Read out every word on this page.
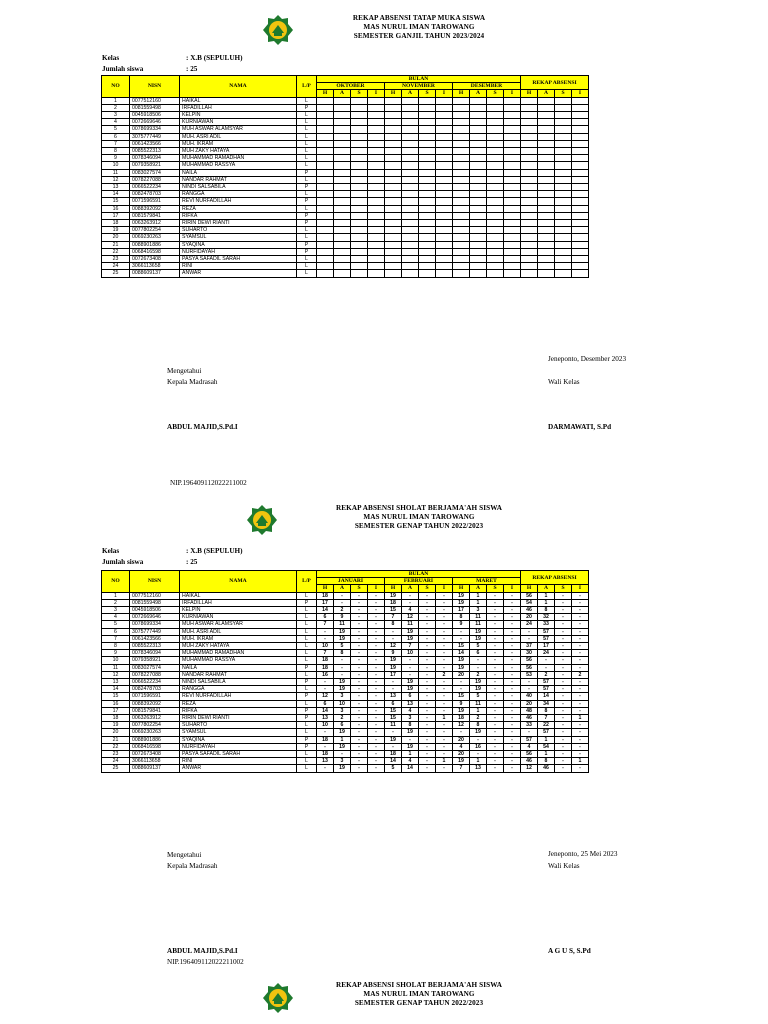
REKAP ABSENSI TATAP MUKA SISWA
MAS NURUL IMAN TAROWANG
SEMESTER GANJIL TAHUN 2023/2024
Kelas	: X.B (SEPULUH)
Jumlah siswa	: 25
NO	NISN	NAMA	L/P	BULAN												REKAP ABSENSI			
				OKTOBER				NOVEMBER				DESEMBER							
				H	A	S	I	H	A	S	I	H	A	S	I	H	A	S	I
1	0077512160	HAIKAL	L																
2	0081559498	IRFADILLAH	P																
3	0045918506	KELPIN	L																
4	0072669646	KURNIAWAN	L																
5	0078699334	MUH ASWAR ALAMSYAR	L																
6	3075777449	MUH. ASRI ADIL	L																
7	0061423566	MUH. IKRAM	L																
8	0085522313	MUH ZAKY HATAYA	L																
9	0078346094	MUHAMMAD RAMADHAN	L																
10	0079358921	MUHAMMAD RASSYA	L																
11	0083027574	NAILA	P																
12	0078227088	NANDAR RAHMAT	L																
13	0066522234	NINDI SALSABILA	P																
14	0082478703	RANGGA	L																
15	0071596591	REVI NURFADILLAH	P																
16	0088392092	REZA	L																
17	0081579841	RIFKA	P																
18	0063263912	RIRIN DEWI RIANTI	P																
19	0077802254	SUHARTO	L																
20	0069230263	SYAMSUL	L																
21	0088901886	SYAQINA	P																
22	0068416598	NURFIDAYAH	P																
23	0072673408	PASYA SAFADIL SARAH	L																
24	3066113658	RINI	L																
25	0088609137	ANWAR	L																
Jeneponto, Desember 2023
Mengetahui
Kepala Madrasah	Wali Kelas
ABDUL MAJID,S.Pd.I	DARMAWATI, S.Pd
NIP.196409112022211002
REKAP ABSENSI SHOLAT BERJAMA'AH SISWA
MAS NURUL IMAN TAROWANG
SEMESTER GENAP TAHUN 2022/2023
Kelas	: X.B (SEPULUH)
Jumlah siswa	: 25
NO	NISN	NAMA	L/P	BULAN												REKAP ABSENSI			
				JANUARI				FEBRUARI				MARET							
				H	A	S	I	H	A	S	I	H	A	S	I	H	A	S	I
1	0077512160	HAIKAL	L	18	-	-	-	19	-	-	-	19	1	-	-	56	1	-	-
2	0081559498	IRFADILLAH	P	17	-	-	-	18	-	-	-	19	1	-	-	54	1	-	-
3	0045918506	KELPIN	L	14	2	-	-	15	4	-	-	17	3	-	-	46	8	-	-
4	0072669646	KURNIAWAN	L	6	9	-	-	7	12	-	-	8	11	-	-	20	32	-	-
5	0078699334	MUH ASWAR ALAMSYAR	L	7	11	-	-	8	11	-	-	9	11	-	-	24	33	-	-
6	3075777449	MUH. ASRI ADIL	L	-	19	-	-	-	19	-	-	-	19	-	-	-	57	-	-
7	0061423566	MUH. IKRAM	L	-	19	-	-	-	19	-	-	-	19	-	-	-	57	-	-
8	0085522313	MUH ZAKY HATAYA	L	10	5	-	-	12	7	-	-	15	5	-	-	37	17	-	-
9	0078346094	MUHAMMAD RAMADHAN	L	7	8	-	-	9	10	-	-	14	6	-	-	30	24	-	-
10	0079358921	MUHAMMAD RASSYA	L	18	-	-	-	19	-	-	-	19	-	-	-	56	-	-	-
11	0083027574	NAILA	P	18	-	-	-	19	-	-	-	19	-	-	-	56	-	-	-
12	0078227088	NANDAR RAHMAT	L	16	-	-	-	17	-	-	2	20	2	-	-	53	2	-	2
13	0066522234	NINDI SALSABILA	P	-	19	-	-	-	19	-	-	-	19	-	-	-	57	-	-
14	0082478703	RANGGA	L	-	19	-	-	-	19	-	-	-	19	-	-	-	57	-	-
15	0071596591	REVI NURFADILLAH	P	12	3	-	-	13	6	-	-	15	5	-	-	40	14	-	-
16	0088392092	REZA	L	6	10	-	-	6	13	-	-	9	11	-	-	20	34	-	-
17	0081579841	RIFKA	P	14	3	-	-	15	4	-	-	19	1	-	-	48	8	-	-
18	0063263912	RIRIN DEWI RIANTI	P	13	2	-	-	15	3	-	1	18	2	-	-	46	7	-	1
19	0077802254	SUHARTO	L	10	6	-	-	11	8	-	-	12	8	-	-	33	22	-	-
20	0069230263	SYAMSUL	L	-	19	-	-	-	19	-	-	-	19	-	-	-	57	-	-
21	0088901886	SYAQINA	P	18	1	-	-	19	-	-	-	20	-	-	-	57	1	-	-
22	0068416598	NURFIDAYAH	P	-	19	-	-	-	19	-	-	4	16	-	-	4	54	-	-
23	0072673408	PASYA SAFADIL SARAH	L	18	-	-	-	18	1	-	-	20	-	-	-	56	1	-	-
24	3066113658	RINI	L	13	3	-	-	14	4	-	1	19	1	-	-	46	8	-	1
25	0088609137	ANWAR	L	-	19	-	-	5	14	-	-	7	13	-	-	12	46	-	-
Jeneponto, 25 Mei 2023
Mengetahui
Kepala Madrasah	Wali Kelas
ABDUL MAJID,S.Pd.I	A G U S, S.Pd
NIP.196409112022211002
REKAP ABSENSI SHOLAT BERJAMA'AH SISWA
MAS NURUL IMAN TAROWANG
SEMESTER GENAP TAHUN 2022/2023
